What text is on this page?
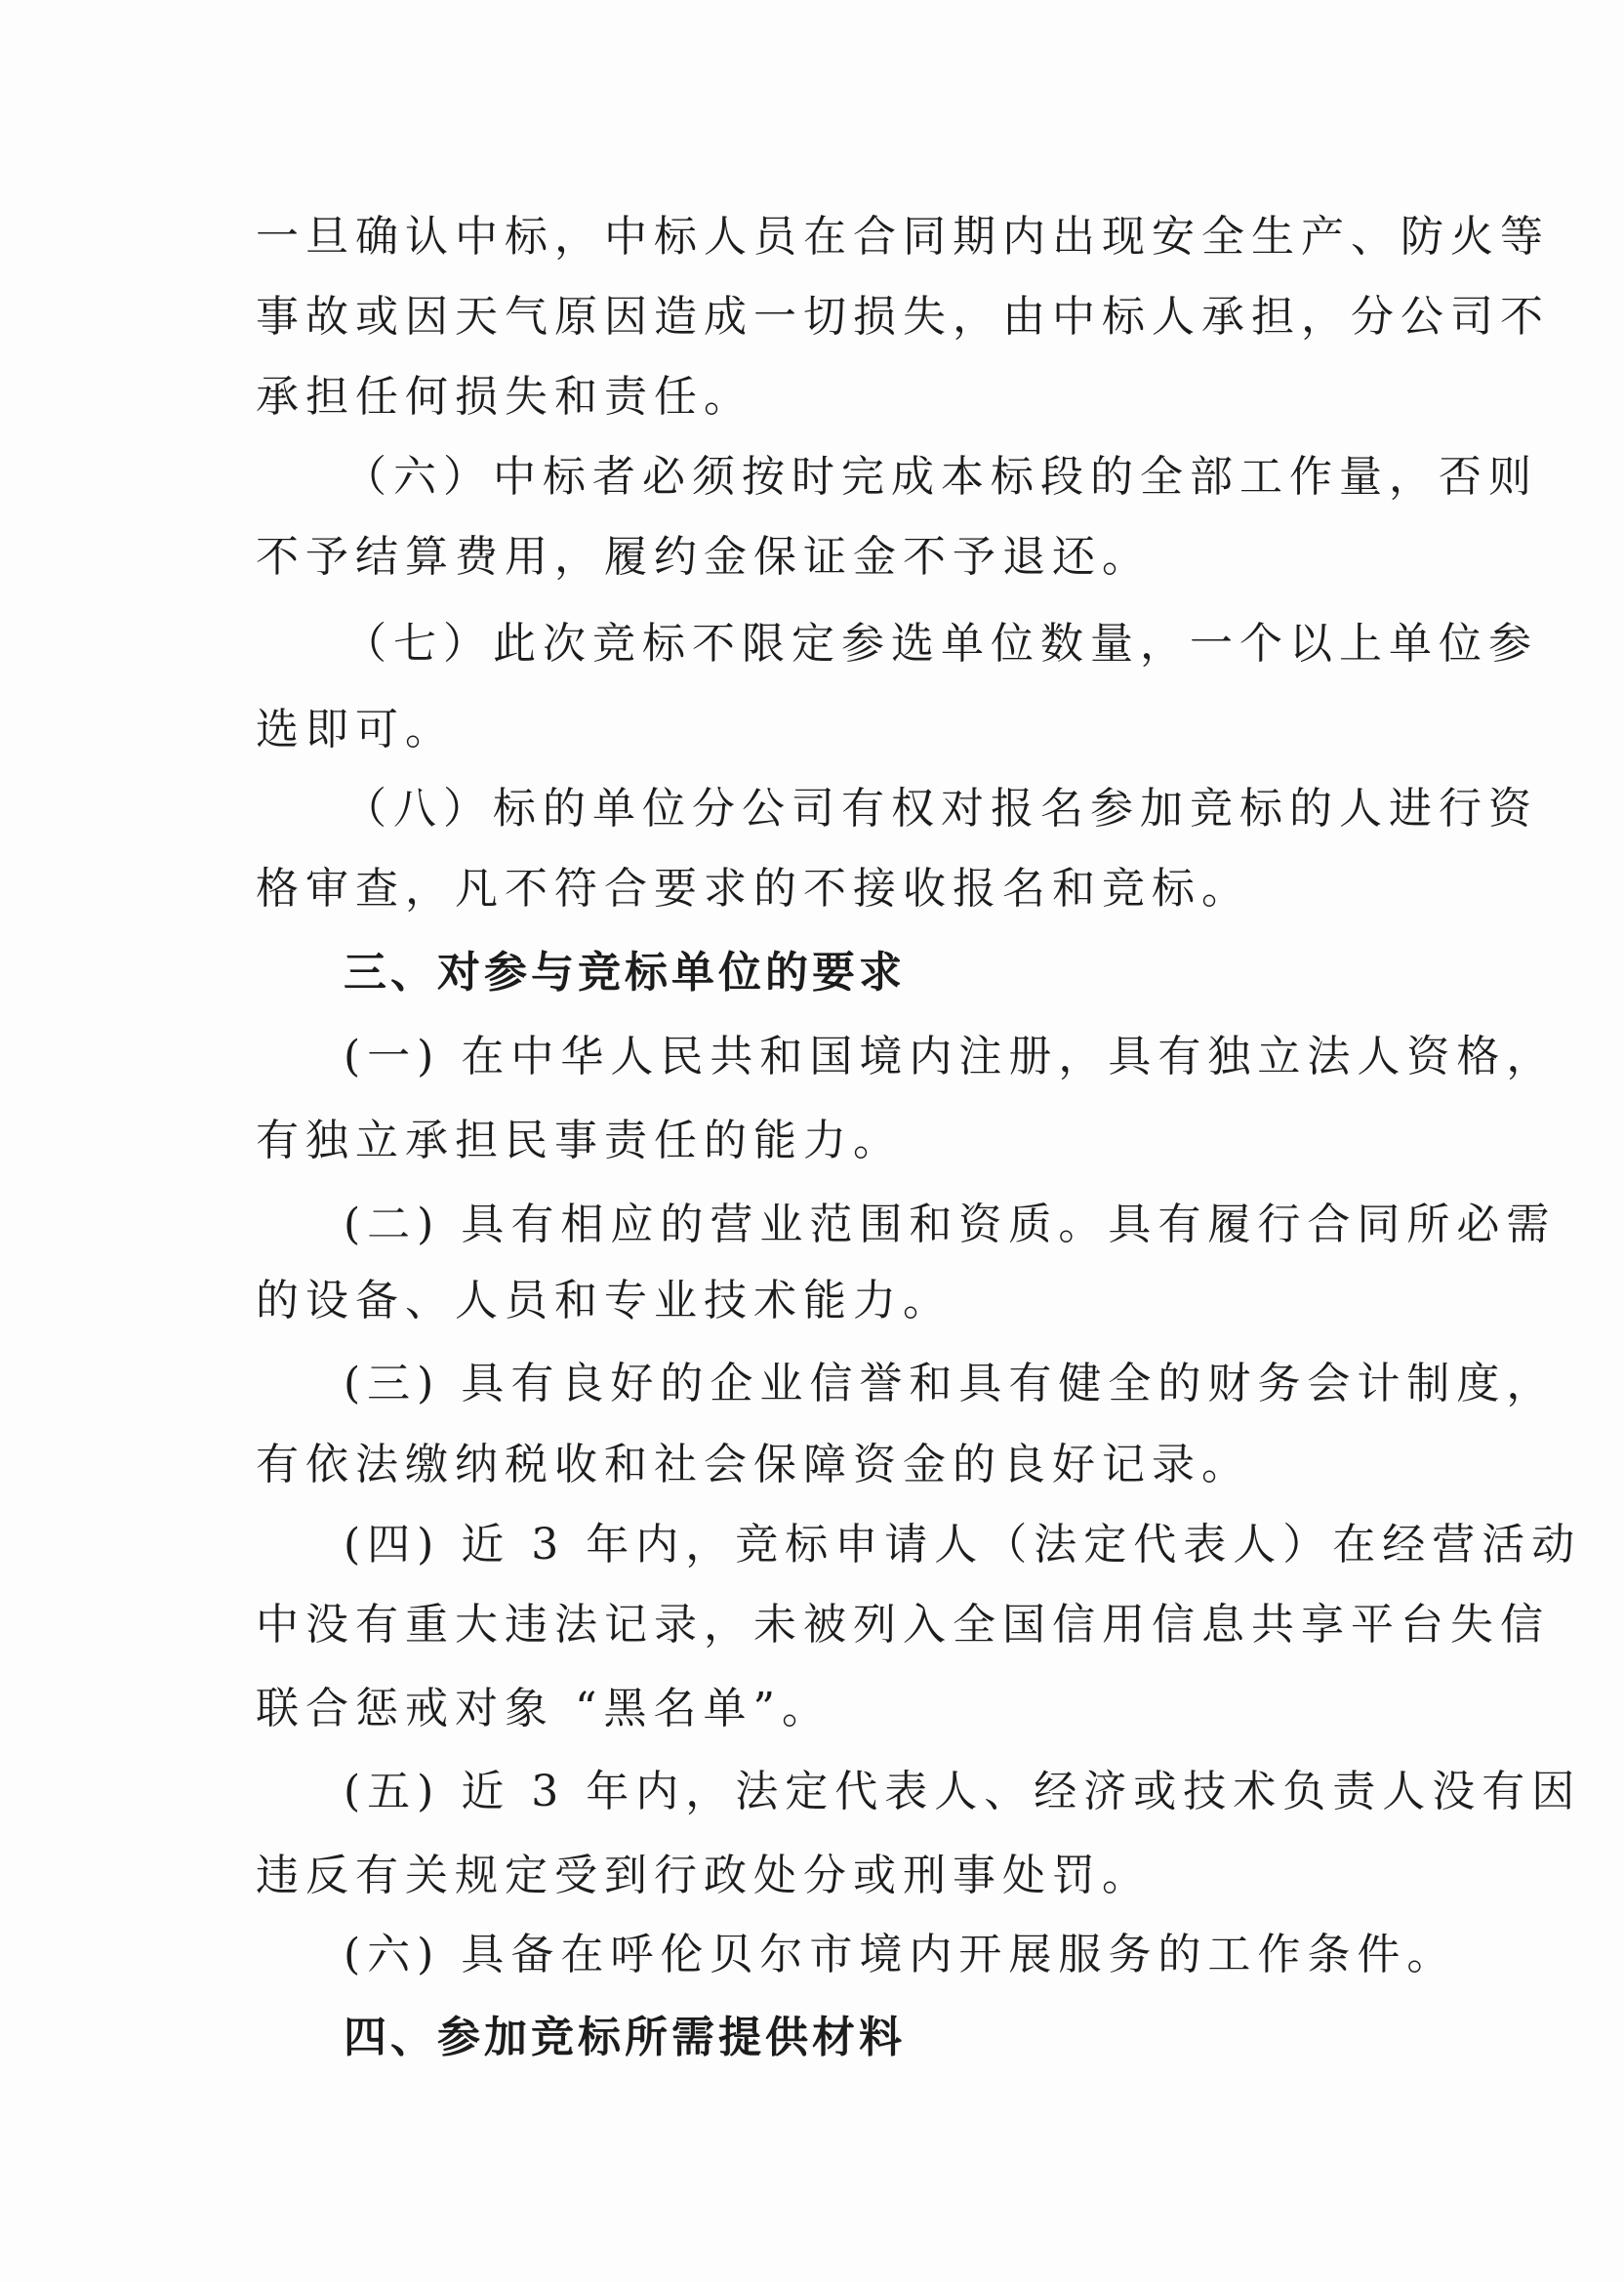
一旦确认中标，中标人员在合同期内出现安全生产、防火等
事故或因天气原因造成一切损失，由中标人承担，分公司不
承担任何损失和责任。
（六）中标者必须按时完成本标段的全部工作量，否则
不予结算费用，履约金保证金不予退还。
（七）此次竞标不限定参选单位数量，一个以上单位参
选即可。
（八）标的单位分公司有权对报名参加竞标的人进行资
格审查，凡不符合要求的不接收报名和竞标。
三、对参与竞标单位的要求
(一) 在中华人民共和国境内注册，具有独立法人资格，
有独立承担民事责任的能力。
(二) 具有相应的营业范围和资质。具有履行合同所必需
的设备、人员和专业技术能力。
(三) 具有良好的企业信誉和具有健全的财务会计制度，
有依法缴纳税收和社会保障资金的良好记录。
(四) 近 3 年内，竞标申请人（法定代表人）在经营活动
中没有重大违法记录，未被列入全国信用信息共享平台失信
联合惩戒对象 “黑名单”。
(五) 近 3 年内，法定代表人、经济或技术负责人没有因
违反有关规定受到行政处分或刑事处罚。
(六) 具备在呼伦贝尔市境内开展服务的工作条件。
四、参加竞标所需提供材料
